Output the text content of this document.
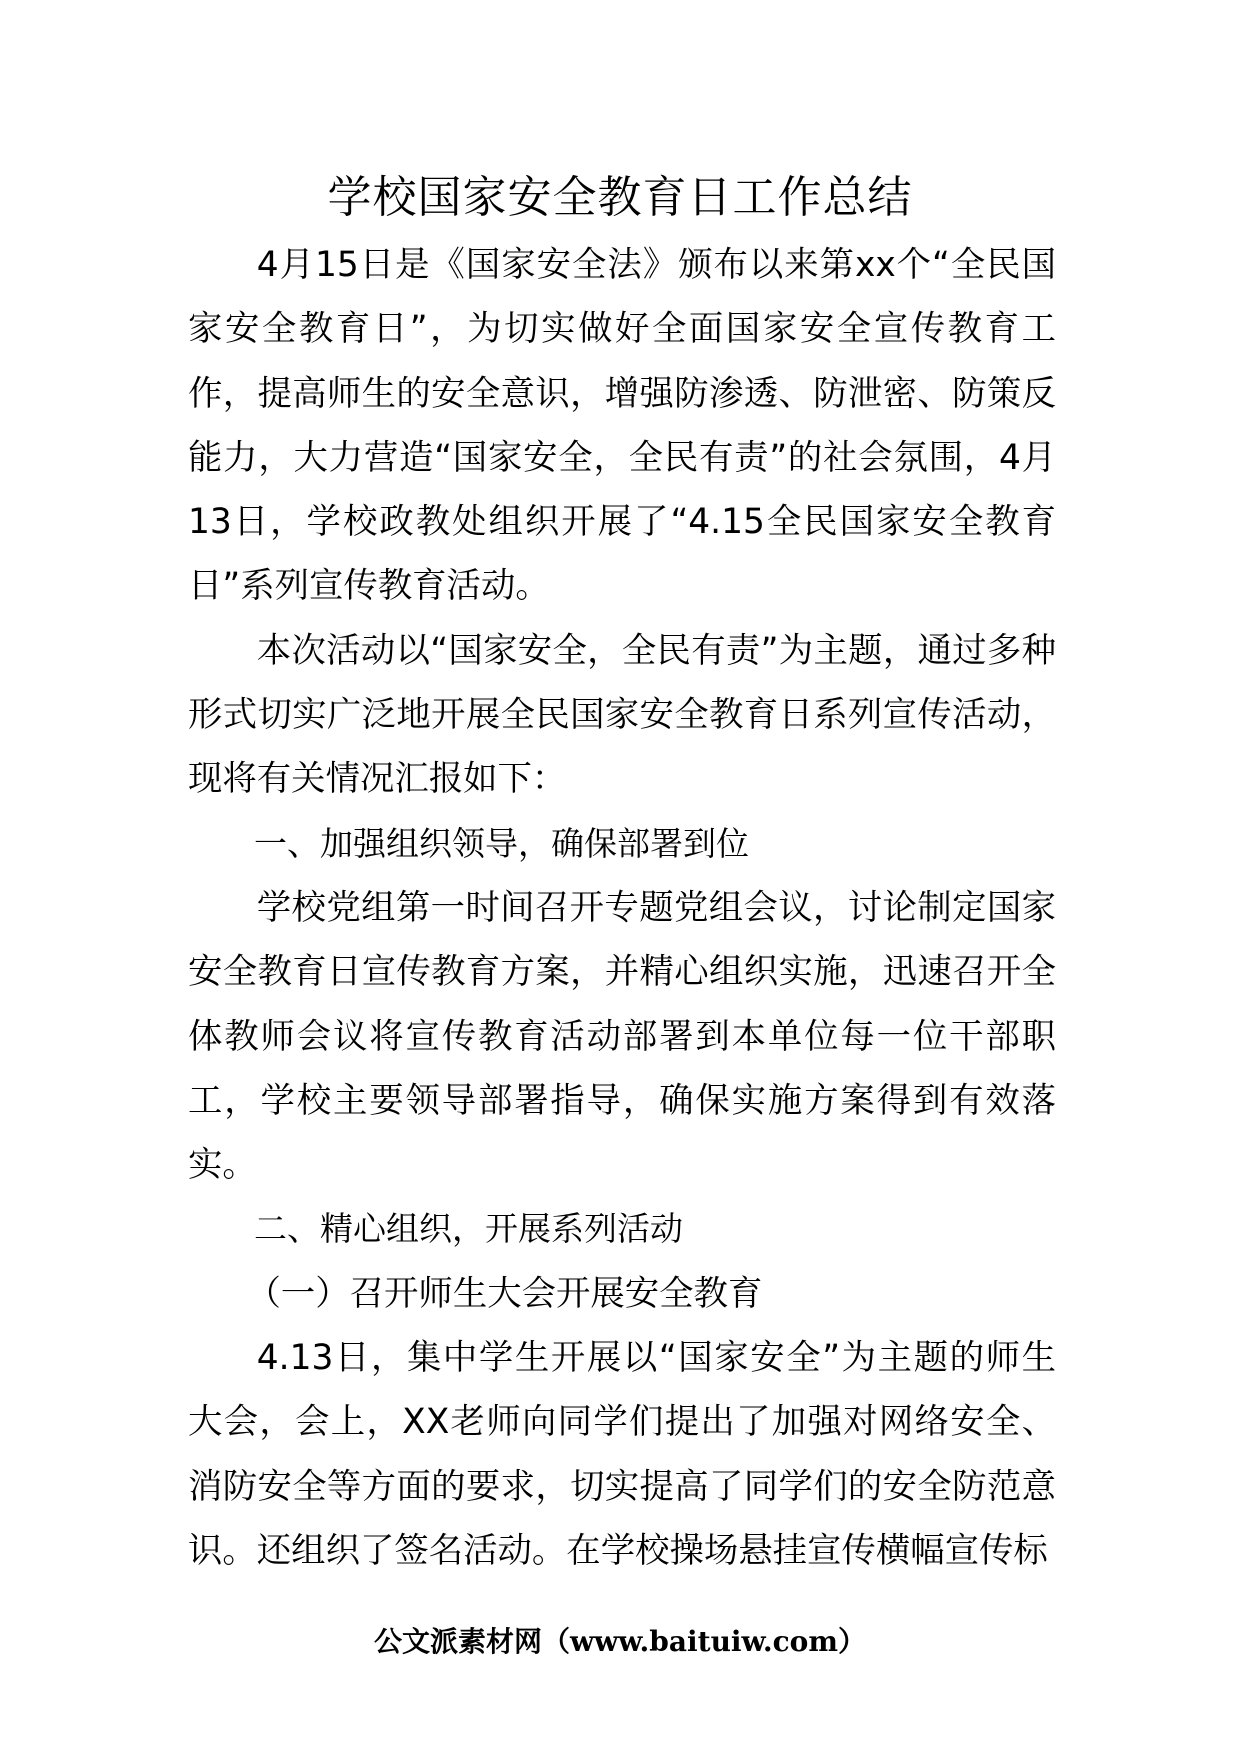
学校国家安全教育日工作总结

4月15日是《国家安全法》颁布以来第xx个“全民国家安全教育日”，为切实做好全面国家安全宣传教育工作，提高师生的安全意识，增强防渗透、防泄密、防策反能力，大力营造“国家安全，全民有责”的社会氛围，4月13日，学校政教处组织开展了“4.15全民国家安全教育日”系列宣传教育活动。

本次活动以“国家安全，全民有责”为主题，通过多种形式切实广泛地开展全民国家安全教育日系列宣传活动，现将有关情况汇报如下：

一、加强组织领导，确保部署到位

学校党组第一时间召开专题党组会议，讨论制定国家安全教育日宣传教育方案，并精心组织实施，迅速召开全体教师会议将宣传教育活动部署到本单位每一位干部职工，学校主要领导部署指导，确保实施方案得到有效落实。

二、精心组织，开展系列活动

（一）召开师生大会开展安全教育

4.13日，集中学生开展以“国家安全”为主题的师生大会，会上，XX老师向同学们提出了加强对网络安全、消防安全等方面的要求，切实提高了同学们的安全防范意识。还组织了签名活动。在学校操场悬挂宣传横幅宣传标

公文派素材网（www.baituiw.com）
